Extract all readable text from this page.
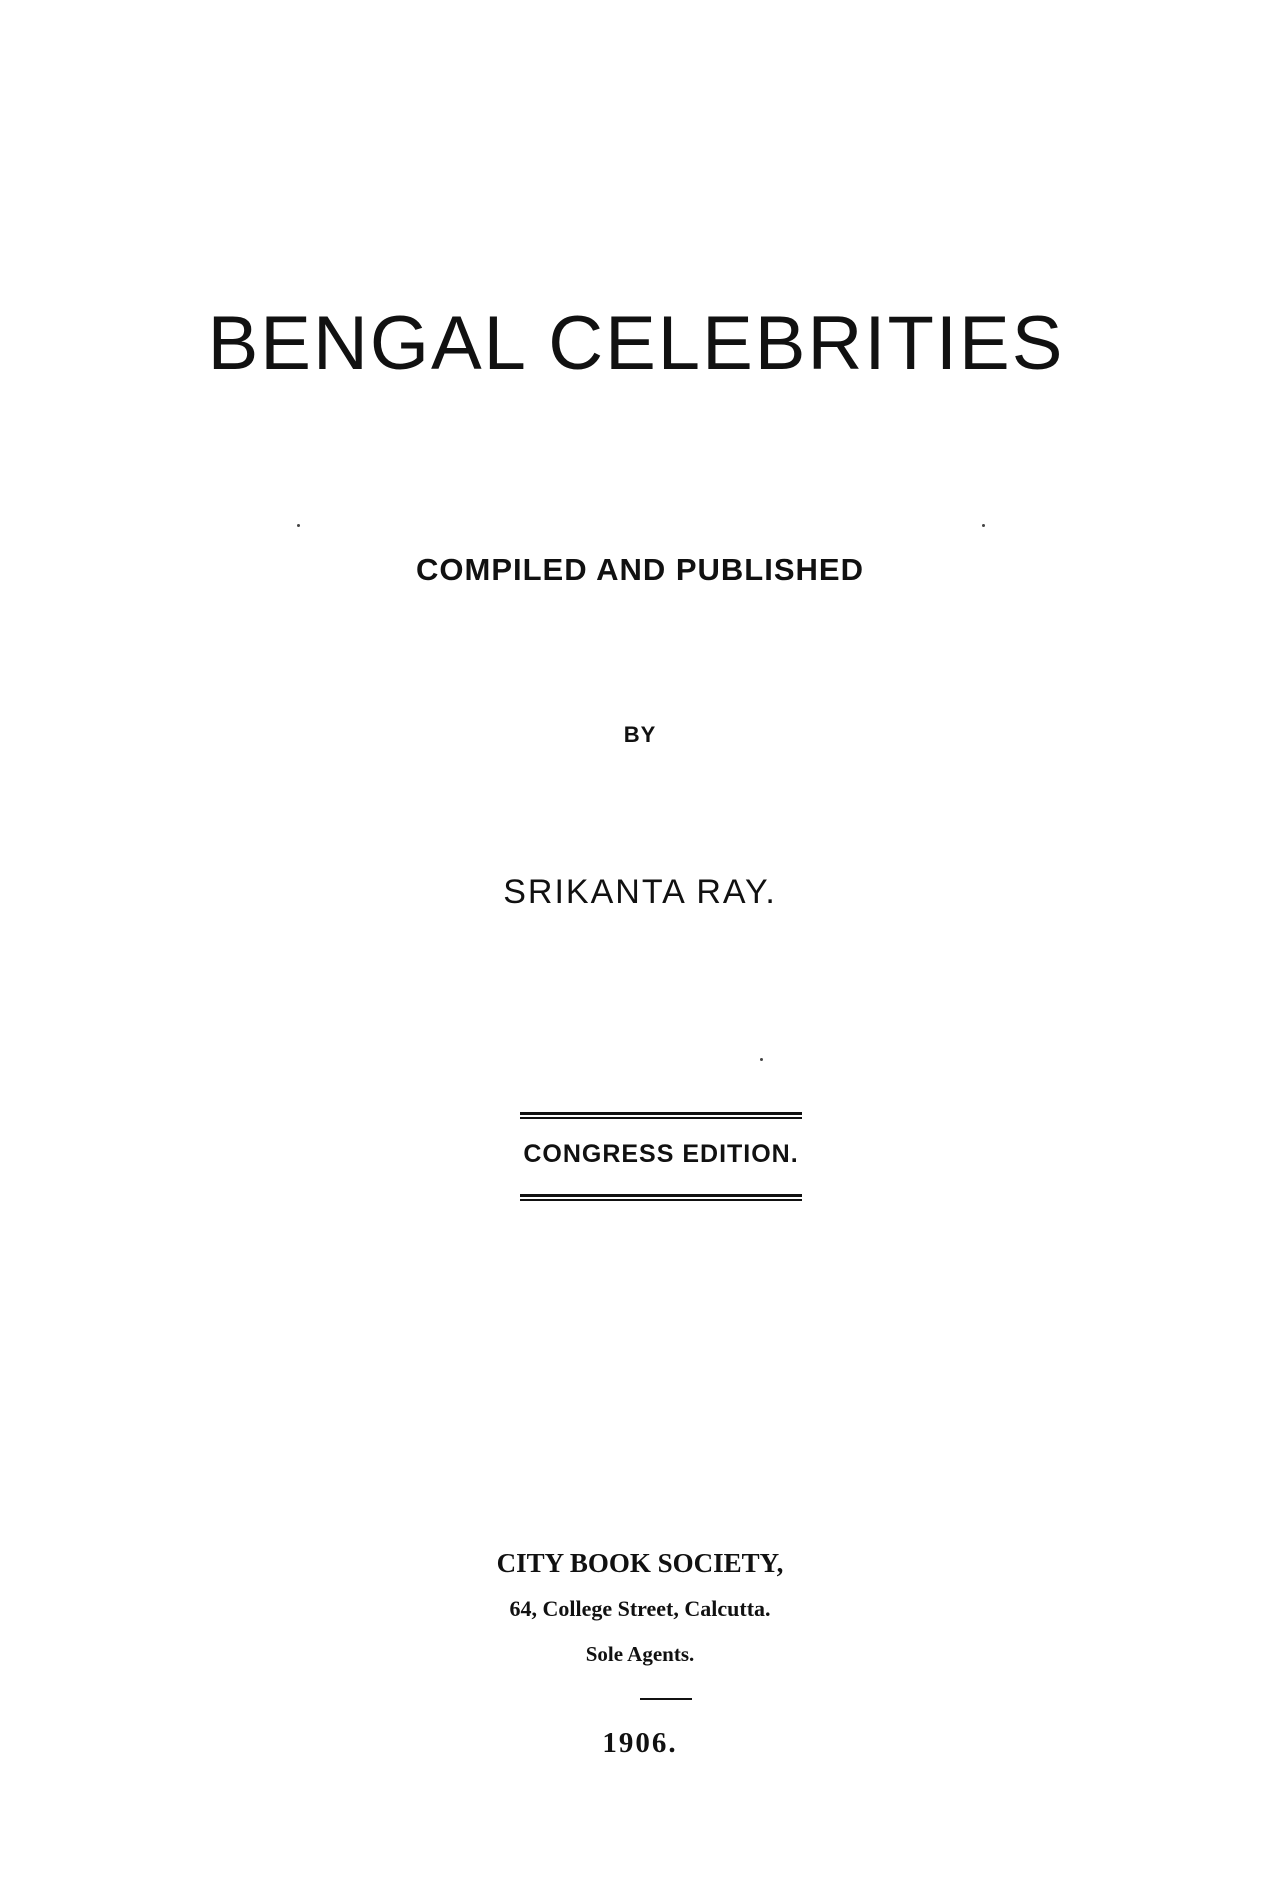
BENGAL CELEBRITIES
COMPILED AND PUBLISHED
BY
SRIKANTA RAY.
CONGRESS EDITION.
CITY BOOK SOCIETY,
64, College Street, Calcutta.
Sole Agents.
1906.
